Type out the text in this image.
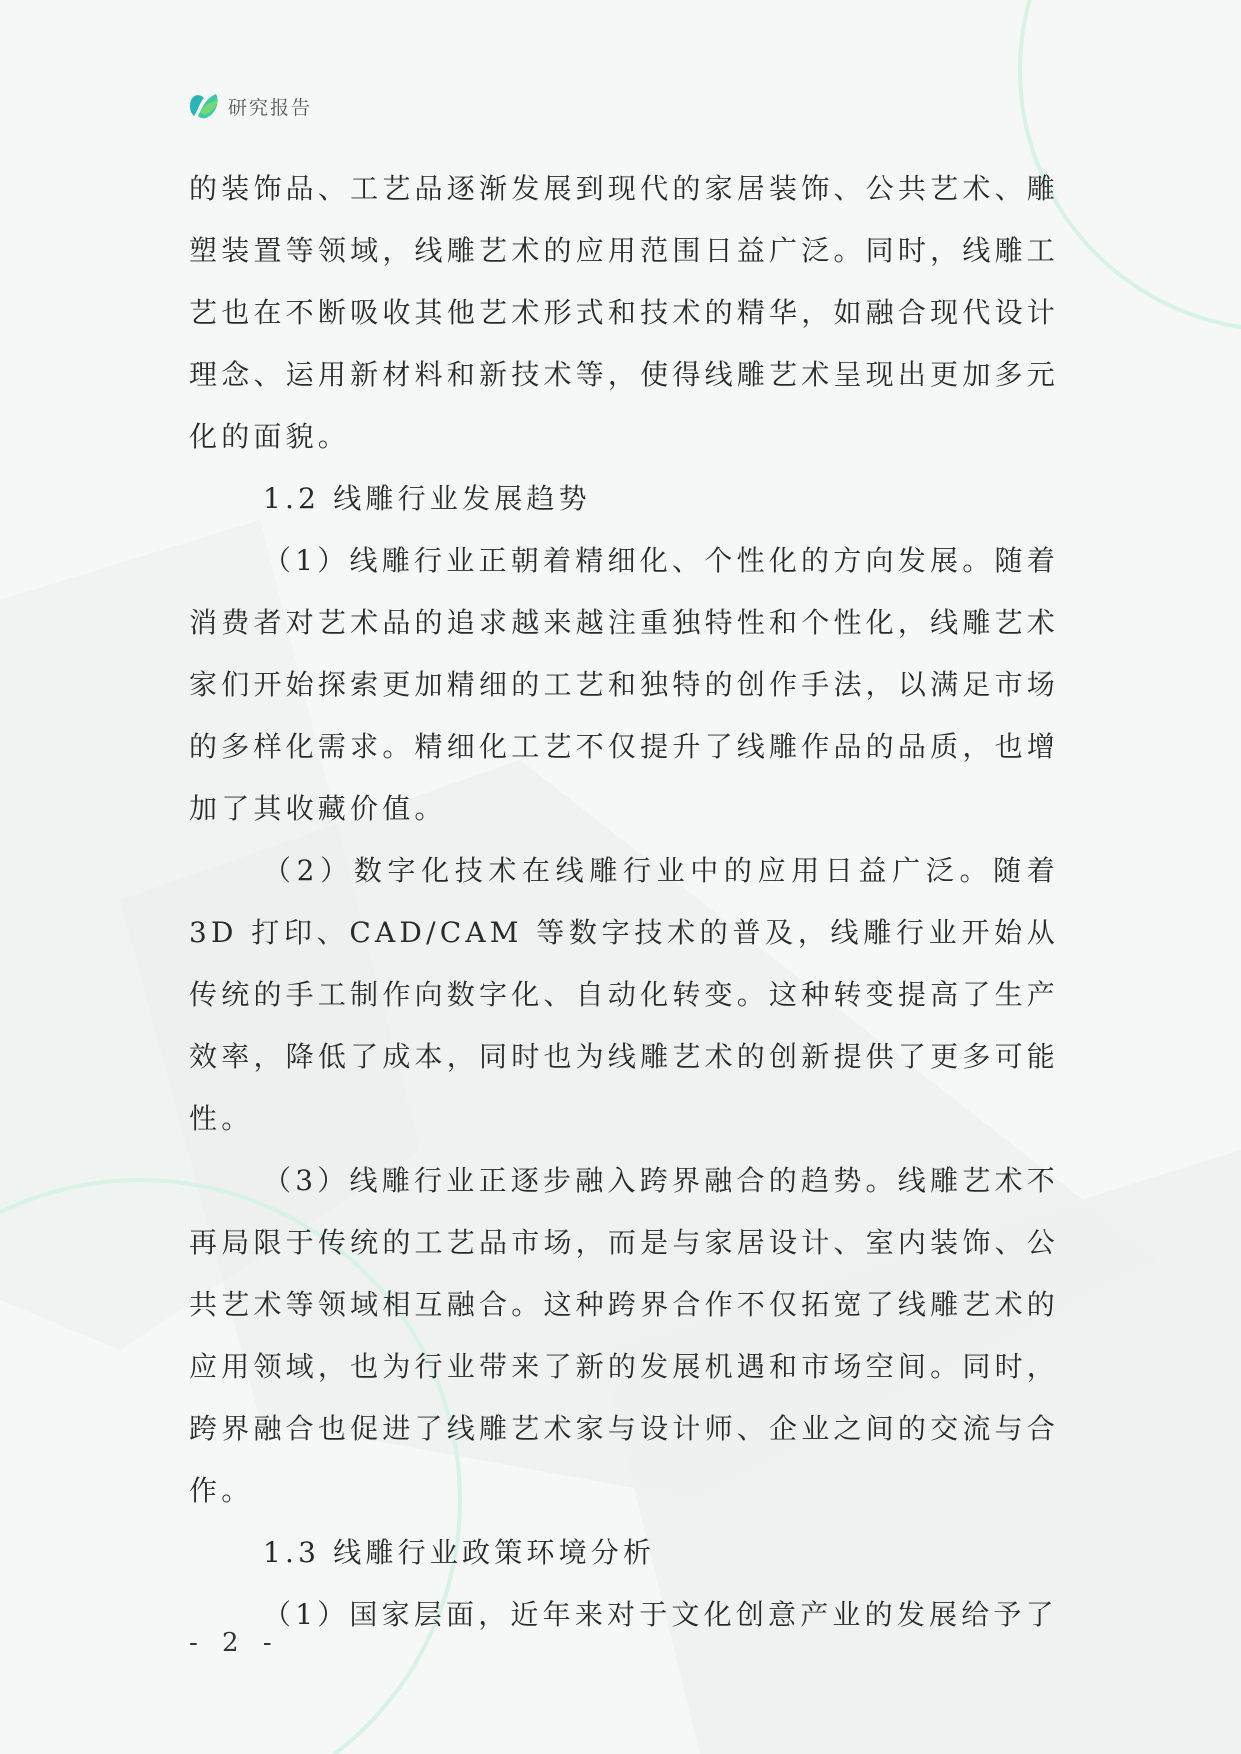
研究报告

的装饰品、工艺品逐渐发展到现代的家居装饰、公共艺术、雕塑装置等领域，线雕艺术的应用范围日益广泛。同时，线雕工艺也在不断吸收其他艺术形式和技术的精华，如融合现代设计理念、运用新材料和新技术等，使得线雕艺术呈现出更加多元化的面貌。

1.2 线雕行业发展趋势

（1）线雕行业正朝着精细化、个性化的方向发展。随着消费者对艺术品的追求越来越注重独特性和个性化，线雕艺术家们开始探索更加精细的工艺和独特的创作手法，以满足市场的多样化需求。精细化工艺不仅提升了线雕作品的品质，也增加了其收藏价值。

（2）数字化技术在线雕行业中的应用日益广泛。随着 3D 打印、CAD/CAM 等数字技术的普及，线雕行业开始从传统的手工制作向数字化、自动化转变。这种转变提高了生产效率，降低了成本，同时也为线雕艺术的创新提供了更多可能性。

（3）线雕行业正逐步融入跨界融合的趋势。线雕艺术不再局限于传统的工艺品市场，而是与家居设计、室内装饰、公共艺术等领域相互融合。这种跨界合作不仅拓宽了线雕艺术的应用领域，也为行业带来了新的发展机遇和市场空间。同时，跨界融合也促进了线雕艺术家与设计师、企业之间的交流与合作。

1.3 线雕行业政策环境分析

（1）国家层面，近年来对于文化创意产业的发展给予了

- 2 -
